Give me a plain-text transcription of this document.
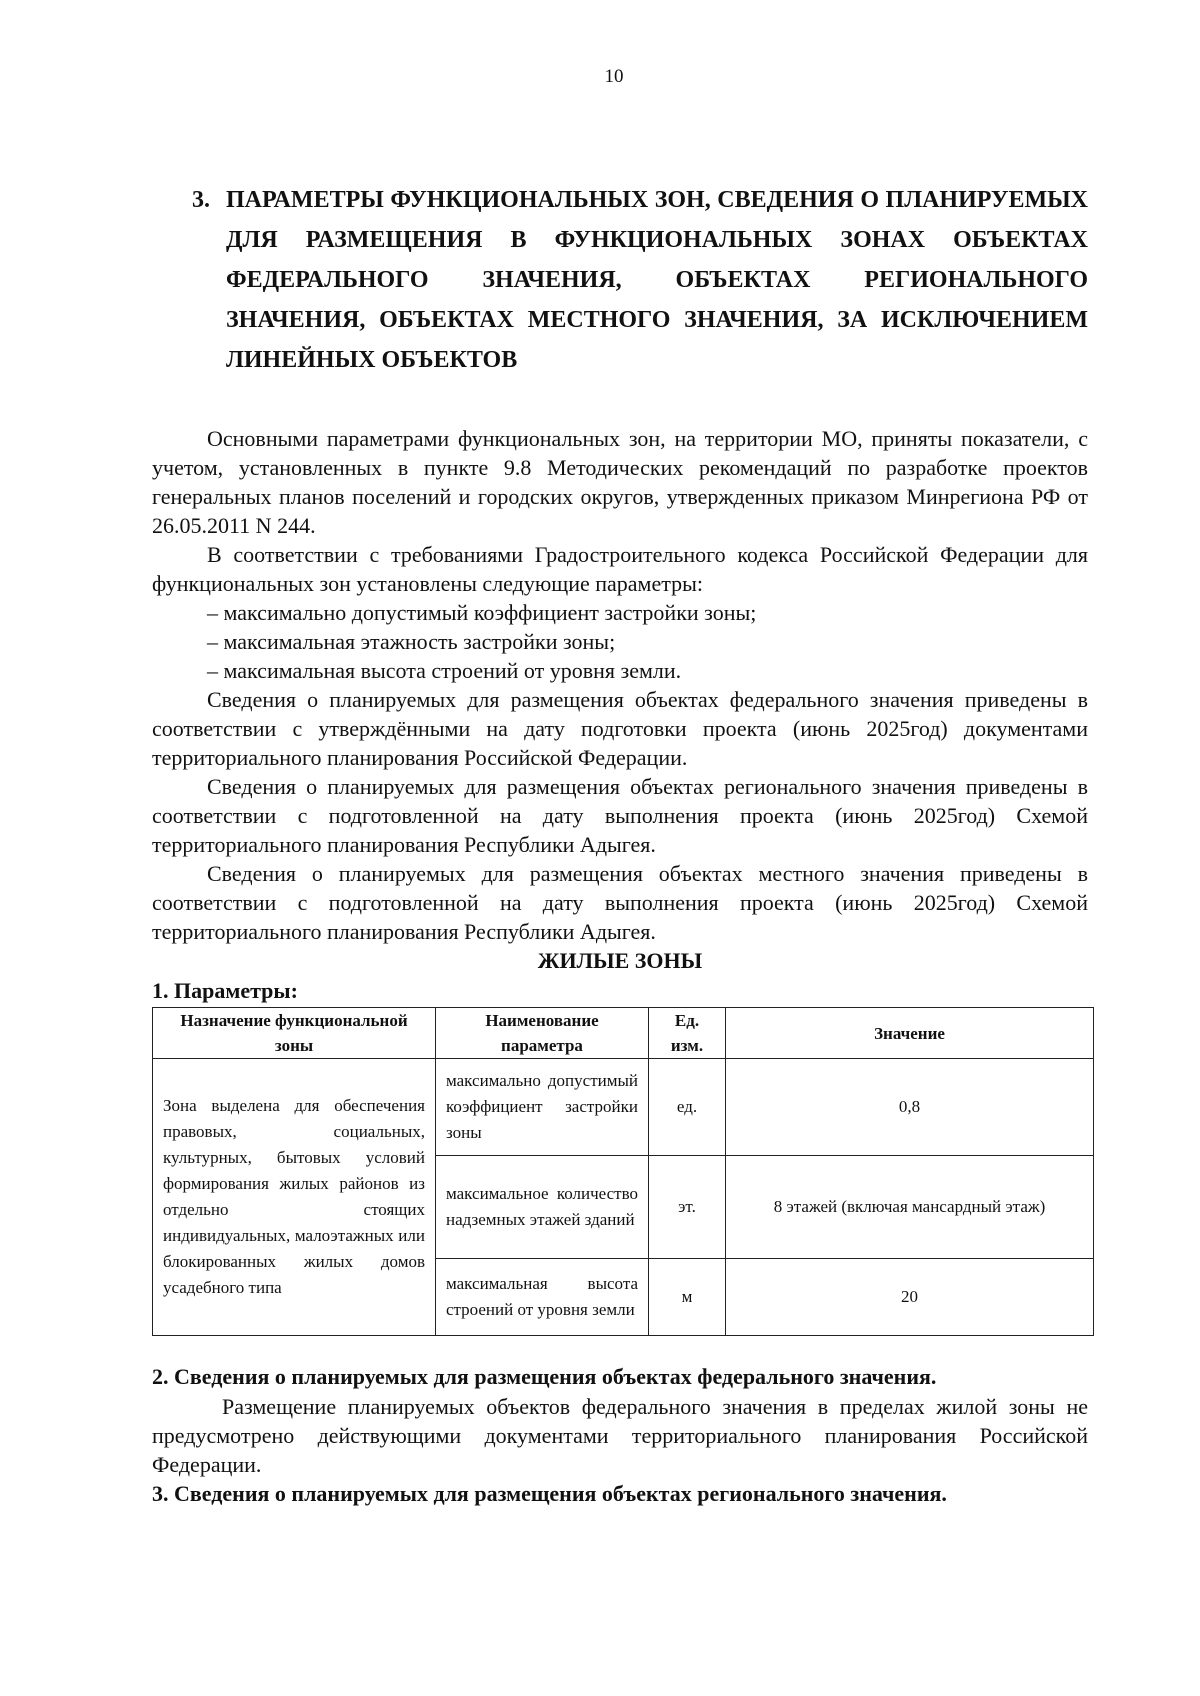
10
3. ПАРАМЕТРЫ ФУНКЦИОНАЛЬНЫХ ЗОН, СВЕДЕНИЯ О ПЛАНИРУЕМЫХ ДЛЯ РАЗМЕЩЕНИЯ В ФУНКЦИОНАЛЬНЫХ ЗОНАХ ОБЪЕКТАХ ФЕДЕРАЛЬНОГО ЗНАЧЕНИЯ, ОБЪЕКТАХ РЕГИОНАЛЬНОГО ЗНАЧЕНИЯ, ОБЪЕКТАХ МЕСТНОГО ЗНАЧЕНИЯ, ЗА ИСКЛЮЧЕНИЕМ ЛИНЕЙНЫХ ОБЪЕКТОВ

Основными параметрами функциональных зон, на территории МО, приняты показатели, с учетом, установленных в пункте 9.8 Методических рекомендаций по разработке проектов генеральных планов поселений и городских округов, утвержденных приказом Минрегиона РФ от 26.05.2011 N 244.

В соответствии с требованиями Градостроительного кодекса Российской Федерации для функциональных зон установлены следующие параметры:

– максимально допустимый коэффициент застройки зоны;

– максимальная этажность застройки зоны;

– максимальная высота строений от уровня земли.

Сведения о планируемых для размещения объектах федерального значения приведены в соответствии с утверждёнными на дату подготовки проекта (июнь 2025год) документами территориального планирования Российской Федерации.

Сведения о планируемых для размещения объектах регионального значения приведены в соответствии с подготовленной на дату выполнения проекта (июнь 2025год) Схемой территориального планирования Республики Адыгея.

Сведения о планируемых для размещения объектах местного значения приведены в соответствии с подготовленной на дату выполнения проекта (июнь 2025год) Схемой территориального планирования Республики Адыгея.

ЖИЛЫЕ ЗОНЫ
1. Параметры:
Назначение функциональной зоны	Наименование параметра	Ед. изм.	Значение
Зона выделена для обеспечения правовых, социальных, культурных, бытовых условий формирования жилых районов из отдельно стоящих индивидуальных, малоэтажных или блокированных жилых домов усадебного типа	максимально допустимый коэффициент застройки зоны	ед.	0,8
	максимальное количество надземных этажей зданий	эт.	8 этажей (включая мансардный этаж)
	максимальная высота строений от уровня земли	м	20

2. Сведения о планируемых для размещения объектах федерального значения.

Размещение планируемых объектов федерального значения в пределах жилой зоны не предусмотрено действующими документами территориального планирования Российской Федерации.

3. Сведения о планируемых для размещения объектах регионального значения.
